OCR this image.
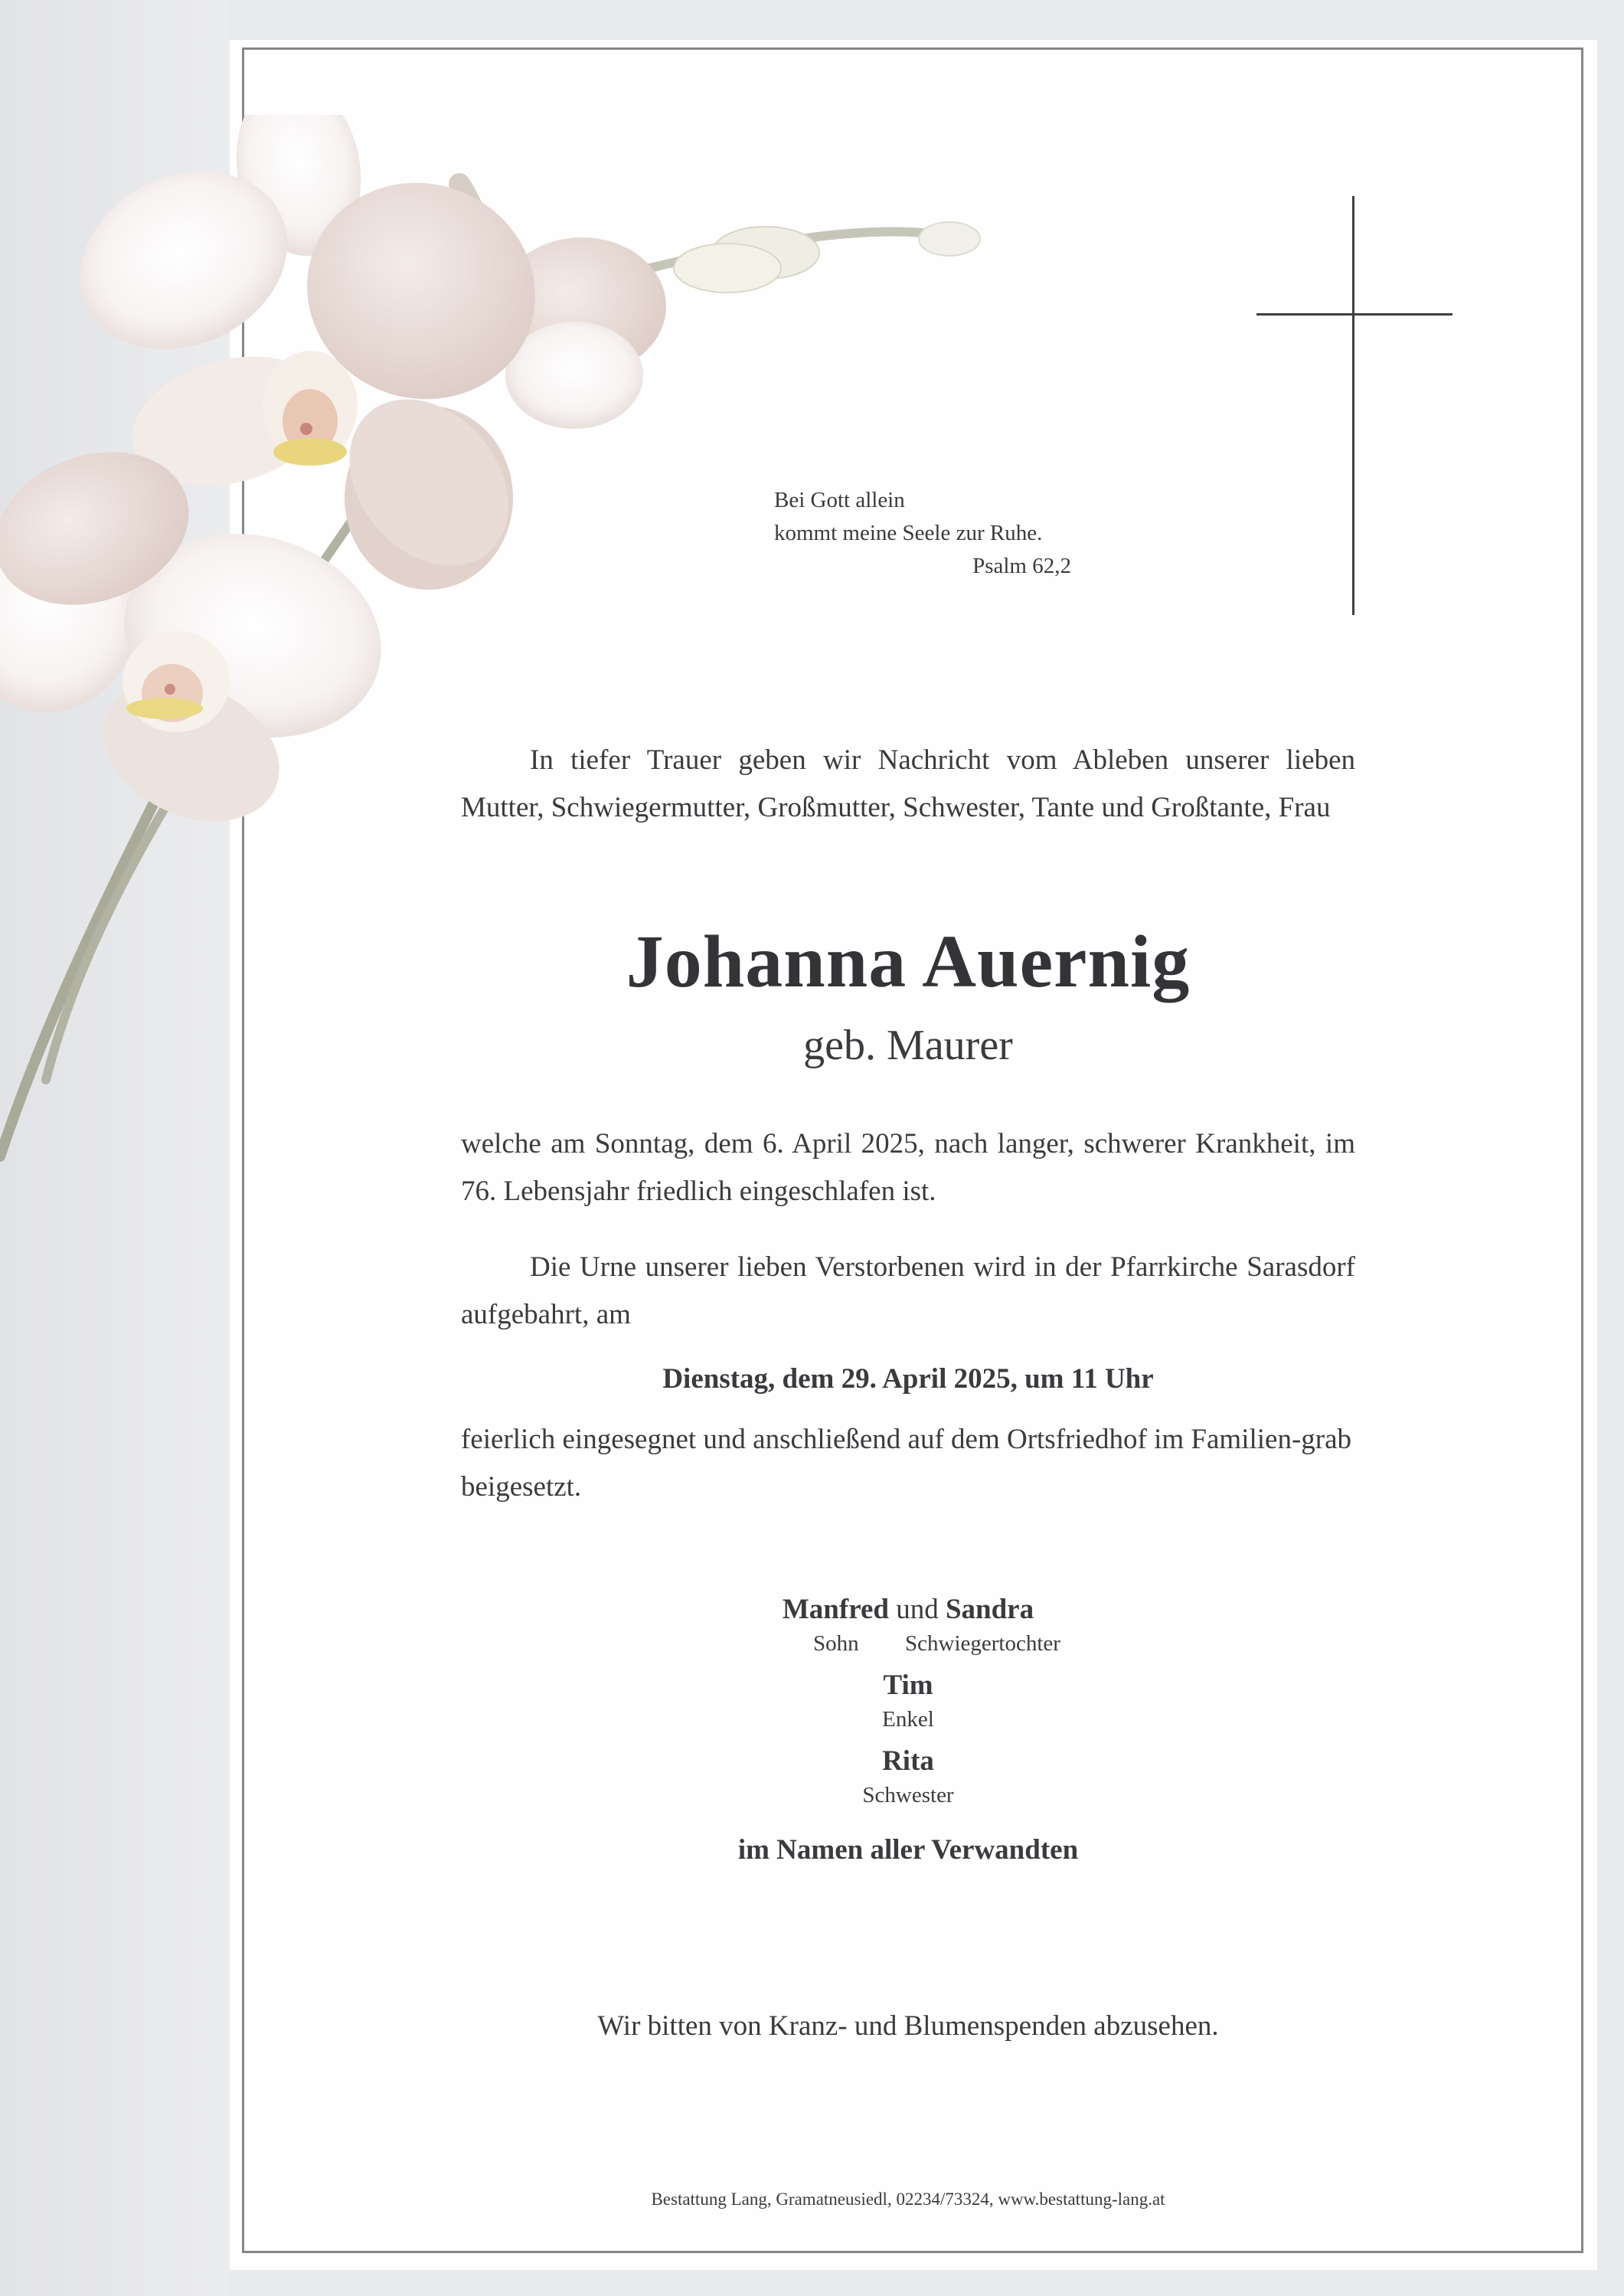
Bei Gott allein
kommt meine Seele zur Ruhe.
Psalm 62,2
In tiefer Trauer geben wir Nachricht vom Ableben unserer lieben Mutter, Schwiegermutter, Großmutter, Schwester, Tante und Großtante, Frau
Johanna Auernig
geb. Maurer
welche am Sonntag, dem 6. April 2025, nach langer, schwerer Krankheit, im 76. Lebensjahr friedlich eingeschlafen ist.
Die Urne unserer lieben Verstorbenen wird in der Pfarrkirche Sarasdorf aufgebahrt, am
Dienstag, dem 29. April 2025, um 11 Uhr
feierlich eingesegnet und anschließend auf dem Ortsfriedhof im Familien-grab beigesetzt.
Manfred und Sandra
Sohn Schwiegertochter
Tim
Enkel
Rita
Schwester
im Namen aller Verwandten
Wir bitten von Kranz- und Blumenspenden abzusehen.
Bestattung Lang, Gramatneusiedl, 02234/73324, www.bestattung-lang.at
